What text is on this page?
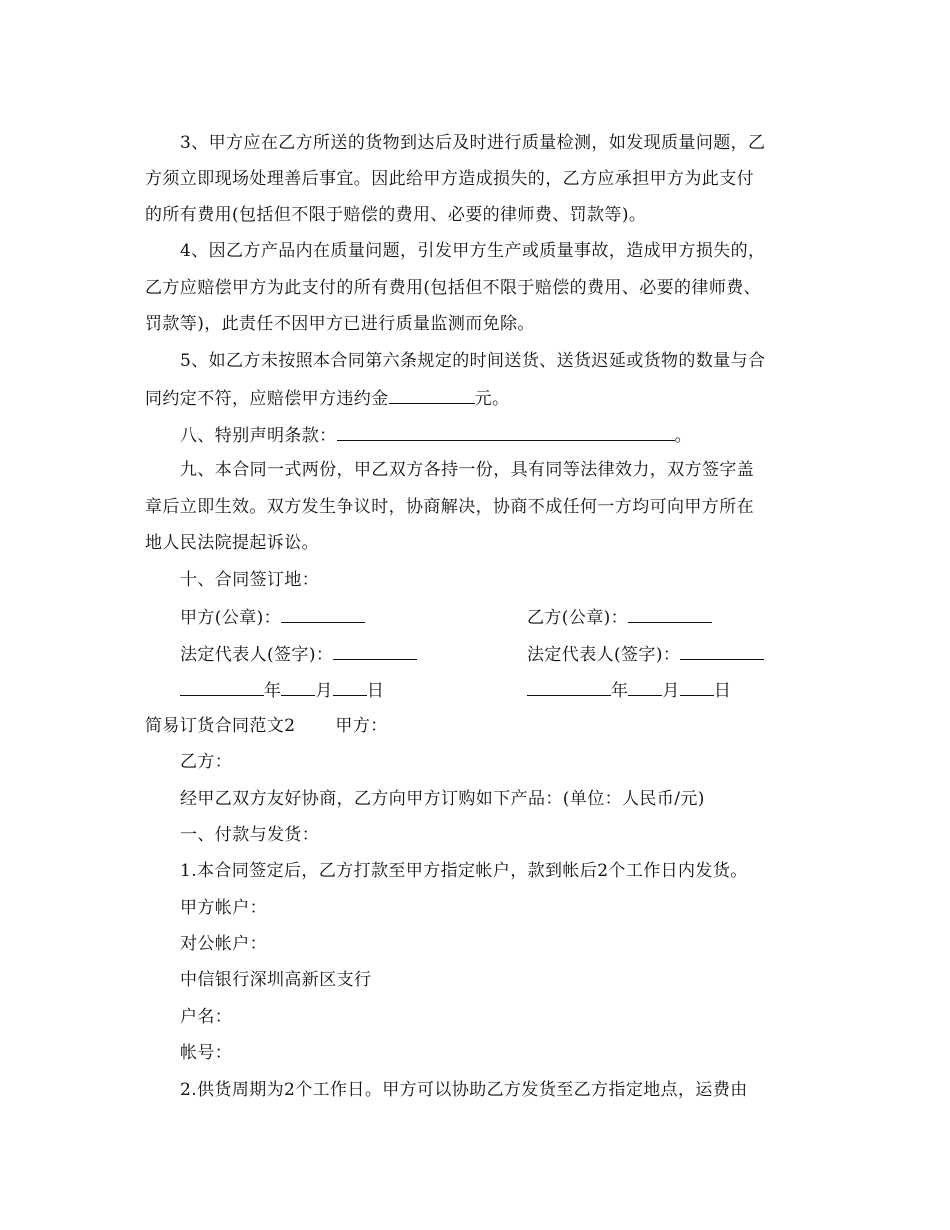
3、甲方应在乙方所送的货物到达后及时进行质量检测，如发现质量问题，乙
方须立即现场处理善后事宜。因此给甲方造成损失的，乙方应承担甲方为此支付
的所有费用(包括但不限于赔偿的费用、必要的律师费、罚款等)。
4、因乙方产品内在质量问题，引发甲方生产或质量事故，造成甲方损失的，
乙方应赔偿甲方为此支付的所有费用(包括但不限于赔偿的费用、必要的律师费、
罚款等)，此责任不因甲方已进行质量监测而免除。
5、如乙方未按照本合同第六条规定的时间送货、送货迟延或货物的数量与合
同约定不符，应赔偿甲方违约金	元。
八、特别声明条款：	。
九、本合同一式两份，甲乙双方各持一份，具有同等法律效力，双方签字盖
章后立即生效。双方发生争议时，协商解决，协商不成任何一方均可向甲方所在
地人民法院提起诉讼。
十、合同签订地：
甲方(公章)：	乙方(公章)：
法定代表人(签字)：	法定代表人(签字)：
年 月 日	年 月 日
简易订货合同范文2 甲方：
乙方：
经甲乙双方友好协商，乙方向甲方订购如下产品：(单位：人民币/元)
一、付款与发货：
1.本合同签定后，乙方打款至甲方指定帐户，款到帐后2个工作日内发货。
甲方帐户：
对公帐户：
中信银行深圳高新区支行
户名：
帐号：
2.供货周期为2个工作日。甲方可以协助乙方发货至乙方指定地点，运费由
